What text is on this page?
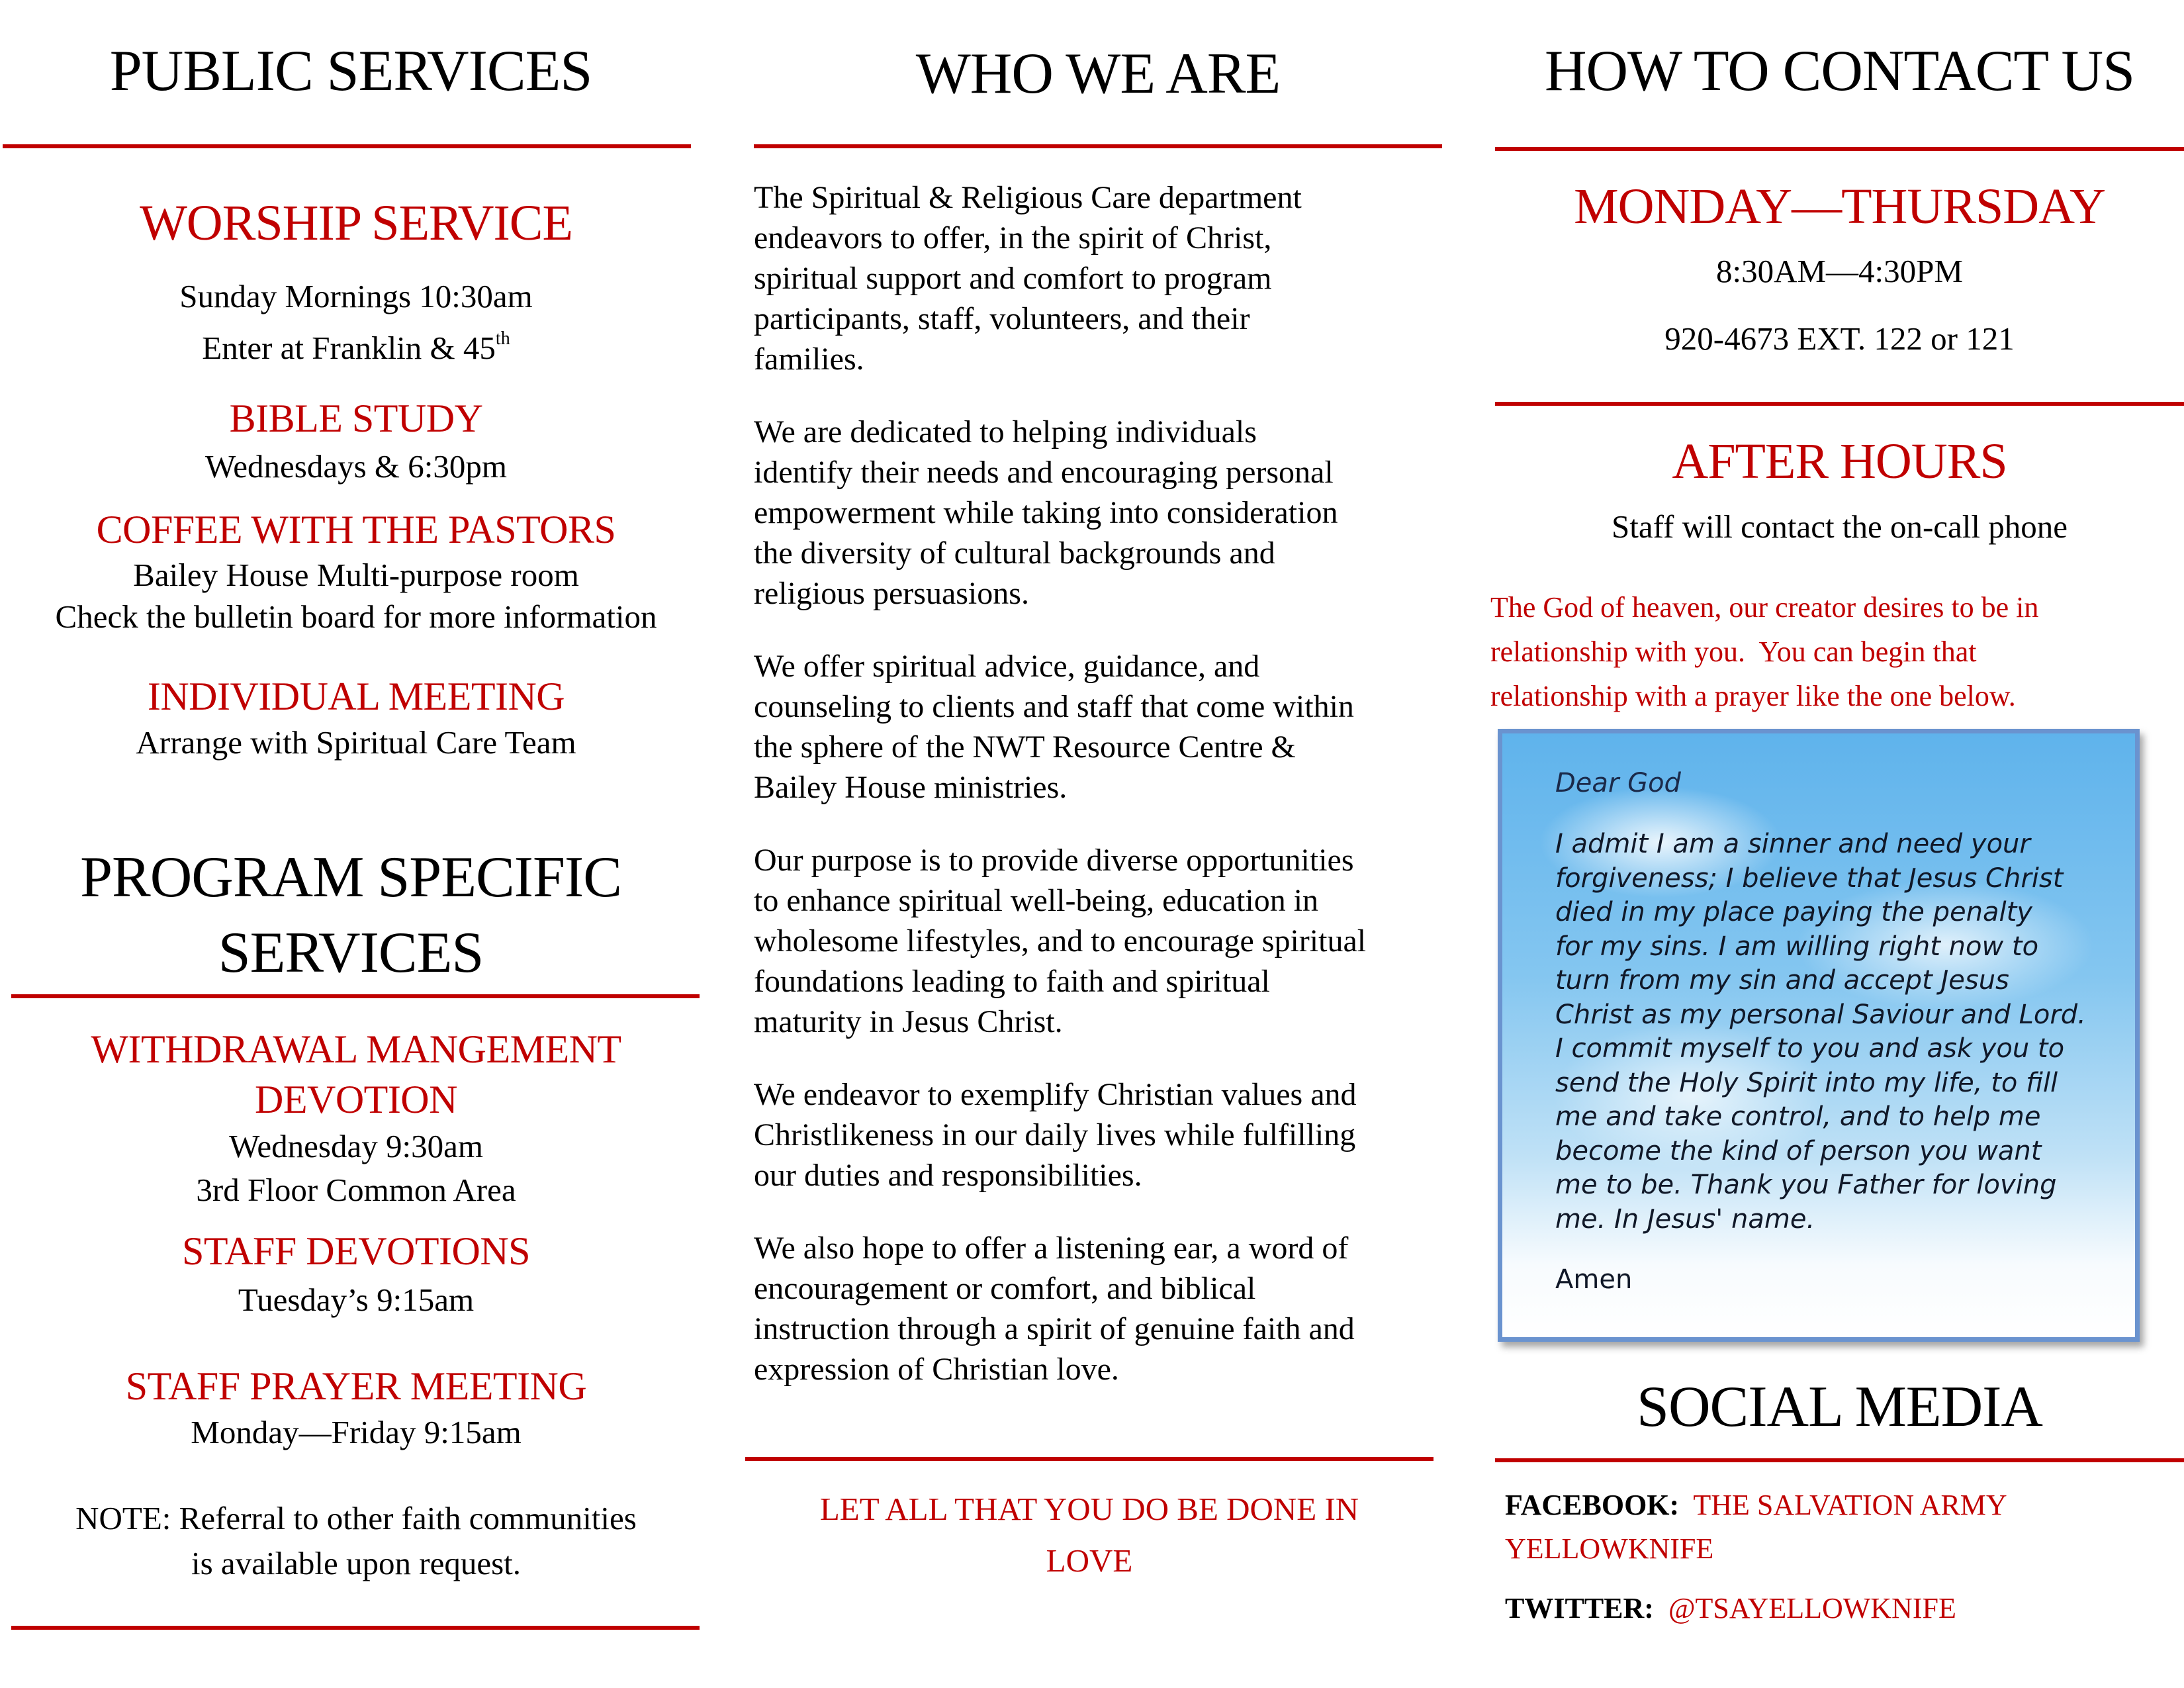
PUBLIC SERVICES
WORSHIP SERVICE
Sunday Mornings 10:30am
Enter at Franklin & 45th
BIBLE STUDY
Wednesdays & 6:30pm
COFFEE WITH THE PASTORS
Bailey House Multi-purpose room
Check the bulletin board for more information
INDIVIDUAL MEETING
Arrange with Spiritual Care Team
PROGRAM SPECIFIC
SERVICES
WITHDRAWAL MANGEMENT
DEVOTION
Wednesday 9:30am
3rd Floor Common Area
STAFF DEVOTIONS
Tuesday’s 9:15am
STAFF PRAYER MEETING
Monday—Friday 9:15am
NOTE: Referral to other faith communities
is available upon request.
WHO WE ARE
The Spiritual & Religious Care department
endeavors to offer, in the spirit of Christ,
spiritual support and comfort to program
participants, staff, volunteers, and their
families.
We are dedicated to helping individuals
identify their needs and encouraging personal
empowerment while taking into consideration
the diversity of cultural backgrounds and
religious persuasions.
We offer spiritual advice, guidance, and
counseling to clients and staff that come within
the sphere of the NWT Resource Centre &
Bailey House ministries.
Our purpose is to provide diverse opportunities
to enhance spiritual well-being, education in
wholesome lifestyles, and to encourage spiritual
foundations leading to faith and spiritual
maturity in Jesus Christ.
We endeavor to exemplify Christian values and
Christlikeness in our daily lives while fulfilling
our duties and responsibilities.
We also hope to offer a listening ear, a word of
encouragement or comfort, and biblical
instruction through a spirit of genuine faith and
expression of Christian love.
LET ALL THAT YOU DO BE DONE IN
LOVE
HOW TO CONTACT US
MONDAY—THURSDAY
8:30AM—4:30PM
920-4673 EXT. 122 or 121
AFTER HOURS
Staff will contact the on-call phone
The God of heaven, our creator desires to be in
relationship with you.  You can begin that
relationship with a prayer like the one below.
Dear God
I admit I am a sinner and need your
forgiveness; I believe that Jesus Christ
died in my place paying the penalty
for my sins. I am willing right now to
turn from my sin and accept Jesus
Christ as my personal Saviour and Lord.
I commit myself to you and ask you to
send the Holy Spirit into my life, to fill
me and take control, and to help me
become the kind of person you want
me to be. Thank you Father for loving
me. In Jesus' name.
Amen
SOCIAL MEDIA
FACEBOOK: THE SALVATION ARMY
YELLOWKNIFE
TWITTER: @TSAYELLOWKNIFE
